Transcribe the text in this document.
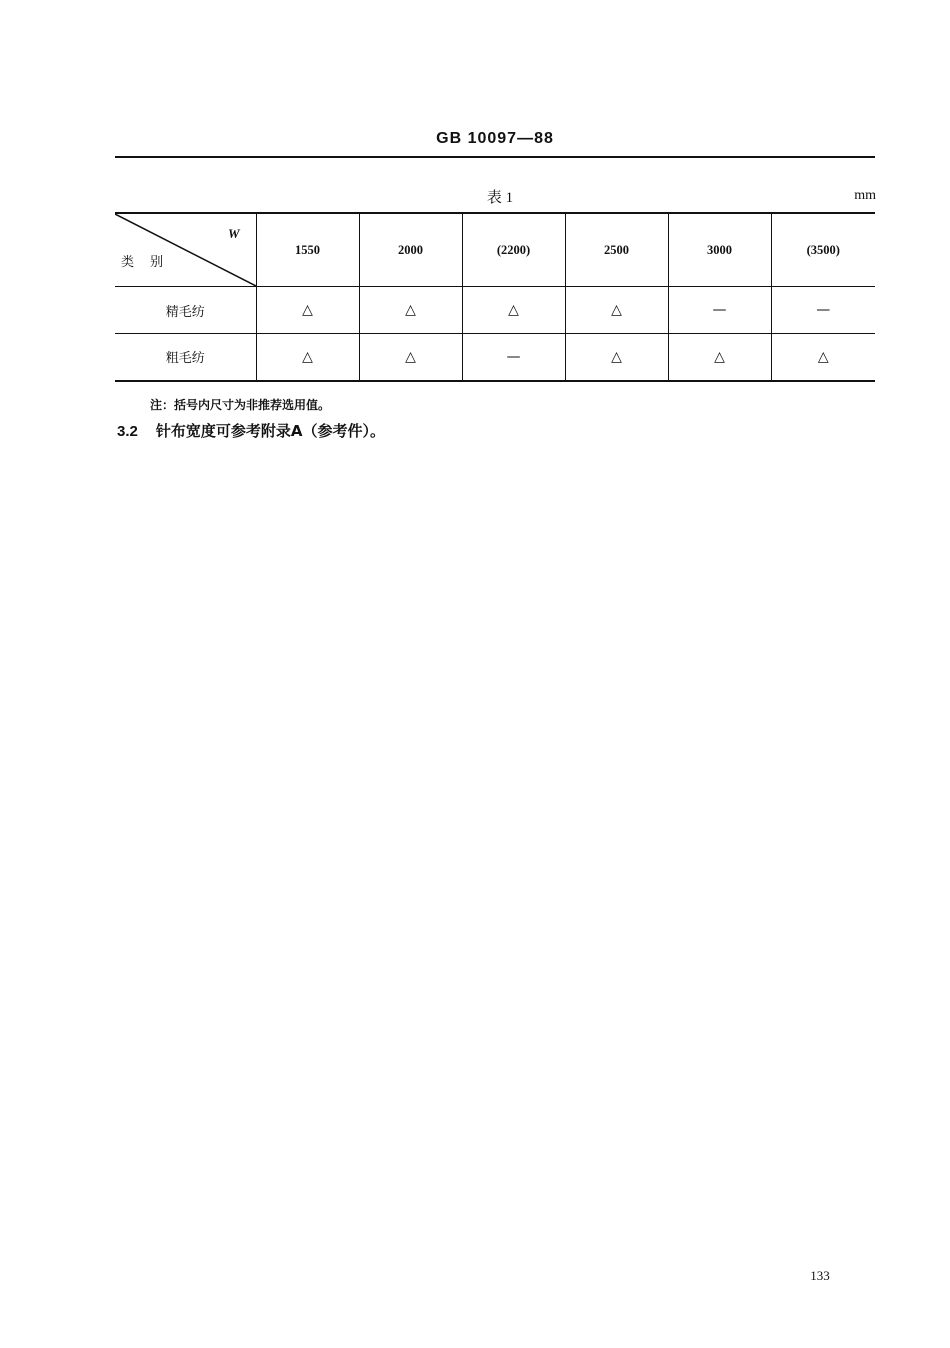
GB 10097—88
表 1	mm
W
类 别	1550	2000	(2200)	2500	3000	(3500)
精毛纺	△	△	△	△	—	—
粗毛纺	△	△	—	△	△	△
注：括号内尺寸为非推荐选用值。
3.2 针布宽度可参考附录A（参考件）。
133
